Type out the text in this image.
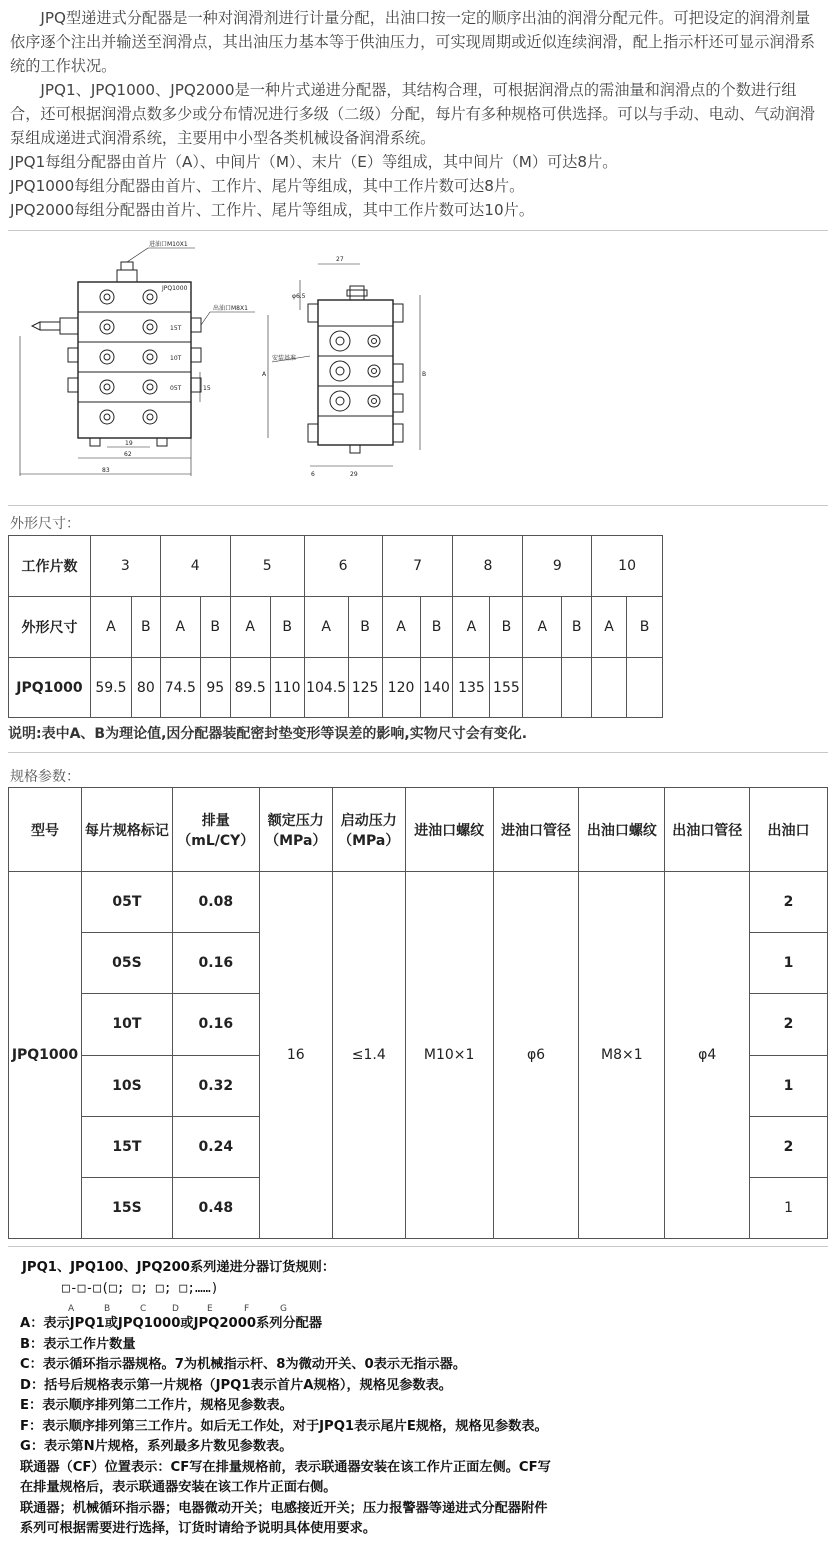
JPQ型递进式分配器是一种对润滑剂进行计量分配，出油口按一定的顺序出油的润滑分配元件。可把设定的润滑剂量依序逐个注出并输送至润滑点，其出油压力基本等于供油压力，可实现周期或近似连续润滑，配上指示杆还可显示润滑系统的工作状况。

JPQ1、JPQ1000、JPQ2000是一种片式递进分配器，其结构合理，可根据润滑点的需油量和润滑点的个数进行组合，还可根据润滑点数多少或分布情况进行多级（二级）分配，每片有多种规格可供选择。可以与手动、电动、气动润滑泵组成递进式润滑系统，主要用中小型各类机械设备润滑系统。

JPQ1每组分配器由首片（A）、中间片（M）、末片（E）等组成，其中间片（M）可达8片。

JPQ1000每组分配器由首片、工作片、尾片等组成，其中工作片数可达8片。

JPQ2000每组分配器由首片、工作片、尾片等组成，其中工作片数可达10片。

进油口M10X1
出油口M8X1
JPQ1000
15T
10T
05T
62
83
19
15
27
29
6
A	B
φ6.5
安装基准
外形尺寸：
工作片数	3		4		5		6		7		8		9		10	
外形尺寸	A	B	A	B	A	B	A	B	A	B	A	B	A	B	A	B
JPQ1000	59.5	80	74.5	95	89.5	110	104.5	125	120	140	135	155				
说明:表中A、B为理论值,因分配器装配密封垫变形等误差的影响,实物尺寸会有变化.
规格参数：
型号	每片规格标记	排量（mL/CY）	额定压力（MPa）	启动压力（MPa）	进油口螺纹	进油口管径	出油口螺纹	出油口管径	出油口
JPQ1000	05T	0.08	16	≤1.4	M10×1	φ6	M8×1	φ4	2
	05S	0.16							1
	10T	0.16							2
	10S	0.32							1
	15T	0.24							2
	15S	0.48							1

JPQ1、JPQ100、JPQ200系列递进分器订货规则：

□-□-□(□; □; □; □;……)

A	B	C	D	E	F	G

A：表示JPQ1或JPQ1000或JPQ2000系列分配器

B：表示工作片数量

C：表示循环指示器规格。7为机械指示杆、8为微动开关、0表示无指示器。

D：括号后规格表示第一片规格（JPQ1表示首片A规格），规格见参数表。

E：表示顺序排列第二工作片，规格见参数表。

F：表示顺序排列第三工作片。如后无工作处，对于JPQ1表示尾片E规格，规格见参数表。

G：表示第N片规格，系列最多片数见参数表。

联通器（CF）位置表示：CF写在排量规格前，表示联通器安装在该工作片正面左侧。CF写

在排量规格后，表示联通器安装在该工作片正面右侧。

联通器；机械循环指示器；电器微动开关；电感接近开关；压力报警器等递进式分配器附件

系列可根据需要进行选择，订货时请给予说明具体使用要求。
